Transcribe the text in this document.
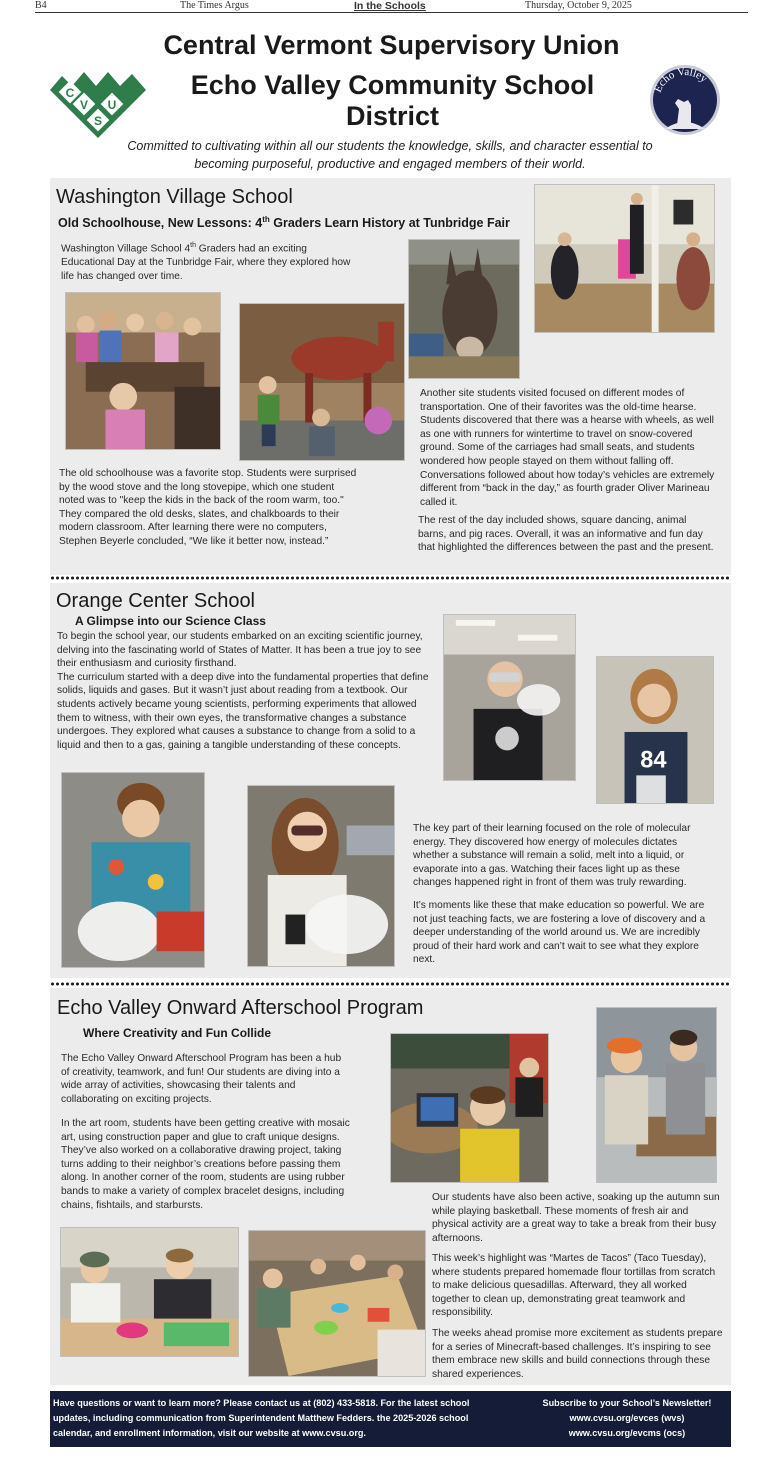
B4	The Times Argus	In the Schools	Thursday, October 9, 2025
Central Vermont Supervisory Union
C
V
S
U
Echo Valley Community School District
Echo Valley
Committed to cultivating within all our students the knowledge, skills, and character essential to becoming purposeful, productive and engaged members of their world.
Washington Village School
Old Schoolhouse, New Lessons: 4th Graders Learn History at Tunbridge Fair
Washington Village School 4th Graders had an exciting Educational Day at the Tunbridge Fair, where they explored how life has changed over time.
The old schoolhouse was a favorite stop. Students were surprised by the wood stove and the long stovepipe, which one student noted was to "keep the kids in the back of the room warm, too." They compared the old desks, slates, and chalkboards to their modern classroom. After learning there were no computers, Stephen Beyerle concluded, “We like it better now, instead.”
Another site students visited focused on different modes of transportation. One of their favorites was the old-time hearse. Students discovered that there was a hearse with wheels, as well as one with runners for wintertime to travel on snow-covered ground. Some of the carriages had small seats, and students wondered how people stayed on them without falling off. Conversations followed about how today’s vehicles are extremely different from “back in the day,” as fourth grader Oliver Marineau called it.
The rest of the day included shows, square dancing, animal barns, and pig races. Overall, it was an informative and fun day that highlighted the differences between the past and the present.
Orange Center School
A Glimpse into our Science Class
To begin the school year, our students embarked on an exciting scientific journey, delving into the fascinating world of States of Matter. It has been a true joy to see their enthusiasm and curiosity firsthand.
The curriculum started with a deep dive into the fundamental properties that define solids, liquids and gases. But it wasn’t just about reading from a textbook. Our students actively became young scientists, performing experiments that allowed them to witness, with their own eyes, the transformative changes a substance undergoes. They explored what causes a substance to change from a solid to a liquid and then to a gas, gaining a tangible understanding of these concepts.
84
The key part of their learning focused on the role of molecular energy. They discovered how energy of molecules dictates whether a substance will remain a solid, melt into a liquid, or evaporate into a gas. Watching their faces light up as these changes happened right in front of them was truly rewarding.
It’s moments like these that make education so powerful. We are not just teaching facts, we are fostering a love of discovery and a deeper understanding of the world around us. We are incredibly proud of their hard work and can’t wait to see what they explore next.
Echo Valley Onward Afterschool Program
Where Creativity and Fun Collide
The Echo Valley Onward Afterschool Program has been a hub of creativity, teamwork, and fun! Our students are diving into a wide array of activities, showcasing their talents and collaborating on exciting projects.
In the art room, students have been getting creative with mosaic art, using construction paper and glue to craft unique designs. They’ve also worked on a collaborative drawing project, taking turns adding to their neighbor’s creations before passing them along. In another corner of the room, students are using rubber bands to make a variety of complex bracelet designs, including chains, fishtails, and starbursts.
Our students have also been active, soaking up the autumn sun while playing basketball. These moments of fresh air and physical activity are a great way to take a break from their busy afternoons.
This week’s highlight was “Martes de Tacos” (Taco Tuesday), where students prepared homemade flour tortillas from scratch to make delicious quesadillas. Afterward, they all worked together to clean up, demonstrating great teamwork and responsibility.
The weeks ahead promise more excitement as students prepare for a series of Minecraft-based challenges. It’s inspiring to see them embrace new skills and build connections through these shared experiences.
Have questions or want to learn more? Please contact us at (802) 433-5818. For the latest school updates, including communication from Superintendent Matthew Fedders. the 2025-2026 school calendar, and enrollment information, visit our website at www.cvsu.org.
Subscribe to your School’s Newsletter!
www.cvsu.org/evces (wvs)
www.cvsu.org/evcms (ocs)
